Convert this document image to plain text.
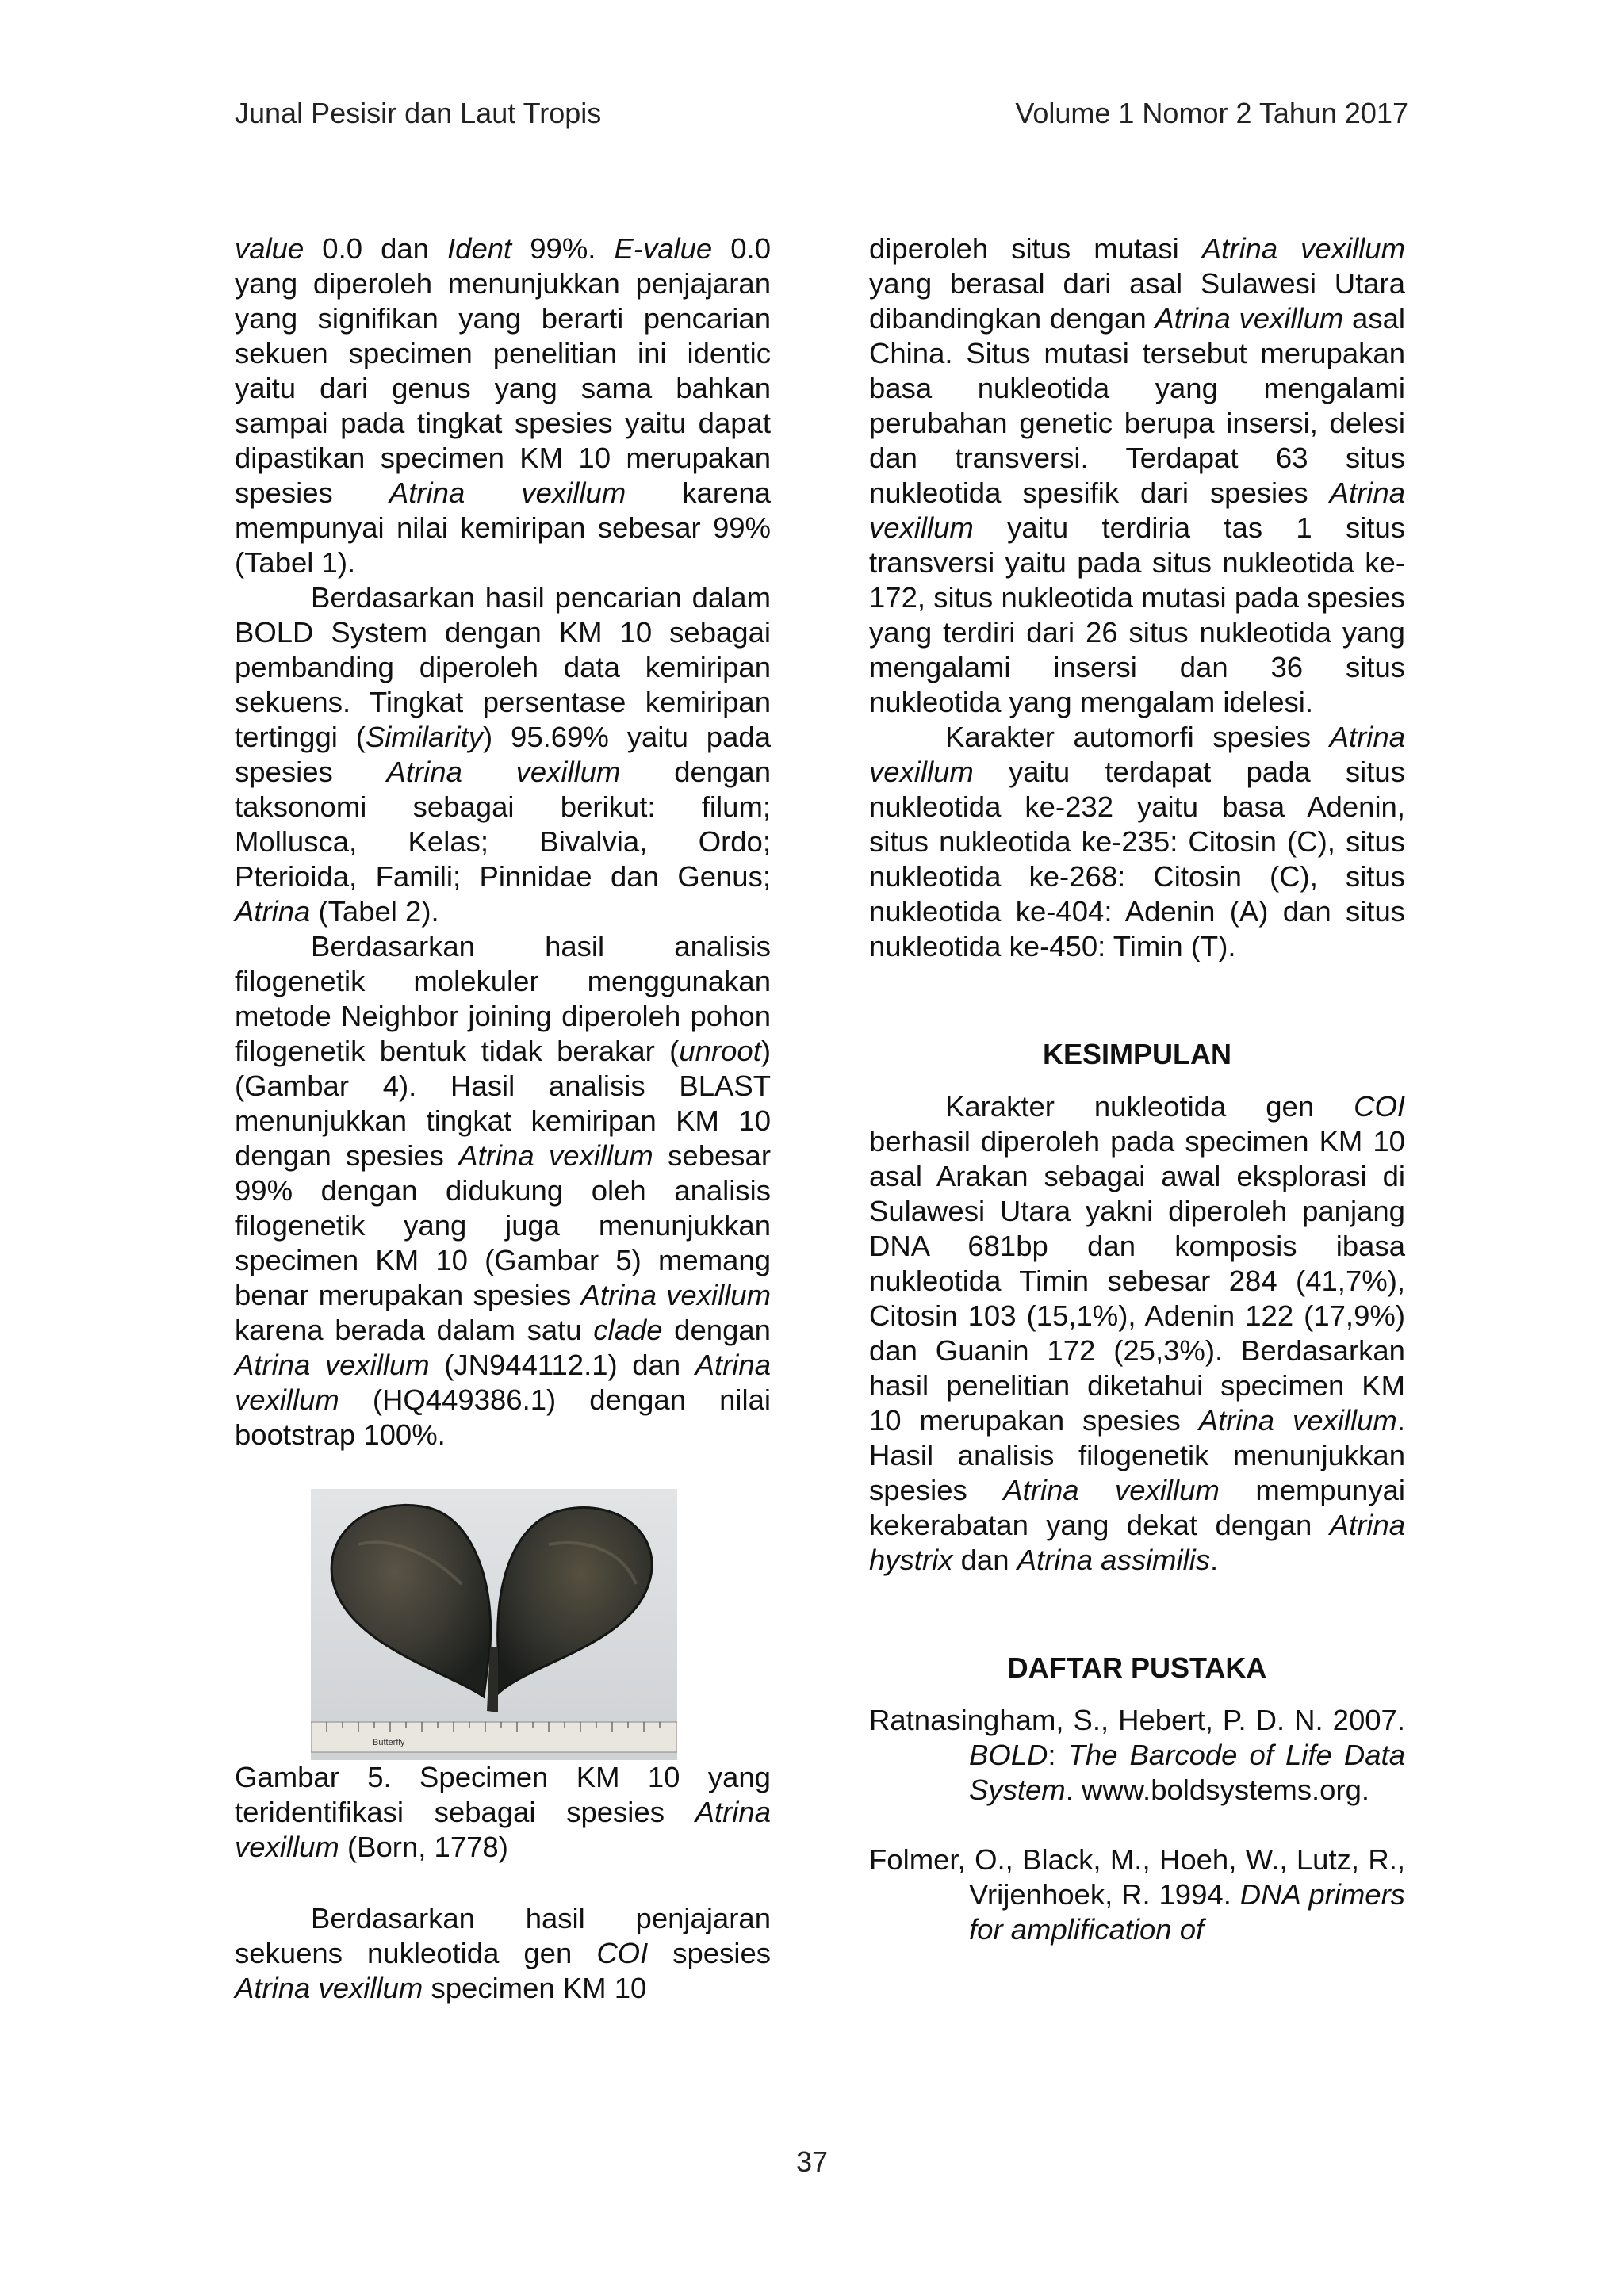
Junal Pesisir dan Laut Tropis	Volume 1 Nomor 2 Tahun 2017

value 0.0 dan Ident 99%. E-value 0.0 yang diperoleh menunjukkan penjajaran yang signifikan yang berarti pencarian sekuen specimen penelitian ini identic yaitu dari genus yang sama bahkan sampai pada tingkat spesies yaitu dapat dipastikan specimen KM 10 merupakan spesies Atrina vexillum karena mempunyai nilai kemiripan sebesar 99% (Tabel 1).

Berdasarkan hasil pencarian dalam BOLD System dengan KM 10 sebagai pembanding diperoleh data kemiripan sekuens. Tingkat persentase kemiripan tertinggi (Similarity) 95.69% yaitu pada spesies Atrina vexillum dengan taksonomi sebagai berikut: filum; Mollusca, Kelas; Bivalvia, Ordo; Pterioida, Famili; Pinnidae dan Genus; Atrina (Tabel 2).

Berdasarkan hasil analisis filogenetik molekuler menggunakan metode Neighbor joining diperoleh pohon filogenetik bentuk tidak berakar (unroot) (Gambar 4). Hasil analisis BLAST menunjukkan tingkat kemiripan KM 10 dengan spesies Atrina vexillum sebesar 99% dengan didukung oleh analisis filogenetik yang juga menunjukkan specimen KM 10 (Gambar 5) memang benar merupakan spesies Atrina vexillum karena berada dalam satu clade dengan Atrina vexillum (JN944112.1) dan Atrina vexillum (HQ449386.1) dengan nilai bootstrap 100%.

Butterfly

Gambar 5. Specimen KM 10 yang teridentifikasi sebagai spesies Atrina vexillum (Born, 1778)

Berdasarkan hasil penjajaran sekuens nukleotida gen COI spesies Atrina vexillum specimen KM 10

diperoleh situs mutasi Atrina vexillum yang berasal dari asal Sulawesi Utara dibandingkan dengan Atrina vexillum asal China. Situs mutasi tersebut merupakan basa nukleotida yang mengalami perubahan genetic berupa insersi, delesi dan transversi. Terdapat 63 situs nukleotida spesifik dari spesies Atrina vexillum yaitu terdiria tas 1 situs transversi yaitu pada situs nukleotida ke-172, situs nukleotida mutasi pada spesies yang terdiri dari 26 situs nukleotida yang mengalami insersi dan 36 situs nukleotida yang mengalam idelesi.

Karakter automorfi spesies Atrina vexillum yaitu terdapat pada situs nukleotida ke-232 yaitu basa Adenin, situs nukleotida ke-235: Citosin (C), situs nukleotida ke-268: Citosin (C), situs nukleotida ke-404: Adenin (A) dan situs nukleotida ke-450: Timin (T).

KESIMPULAN

Karakter nukleotida gen COI berhasil diperoleh pada specimen KM 10 asal Arakan sebagai awal eksplorasi di Sulawesi Utara yakni diperoleh panjang DNA 681bp dan komposis ibasa nukleotida Timin sebesar 284 (41,7%), Citosin 103 (15,1%), Adenin 122 (17,9%) dan Guanin 172 (25,3%). Berdasarkan hasil penelitian diketahui specimen KM 10 merupakan spesies Atrina vexillum. Hasil analisis filogenetik menunjukkan spesies Atrina vexillum mempunyai kekerabatan yang dekat dengan Atrina hystrix dan Atrina assimilis.

DAFTAR PUSTAKA

Ratnasingham, S., Hebert, P. D. N. 2007. BOLD: The Barcode of Life Data System. www.boldsystems.org.

Folmer, O., Black, M., Hoeh, W., Lutz, R., Vrijenhoek, R. 1994. DNA primers for amplification of

37
